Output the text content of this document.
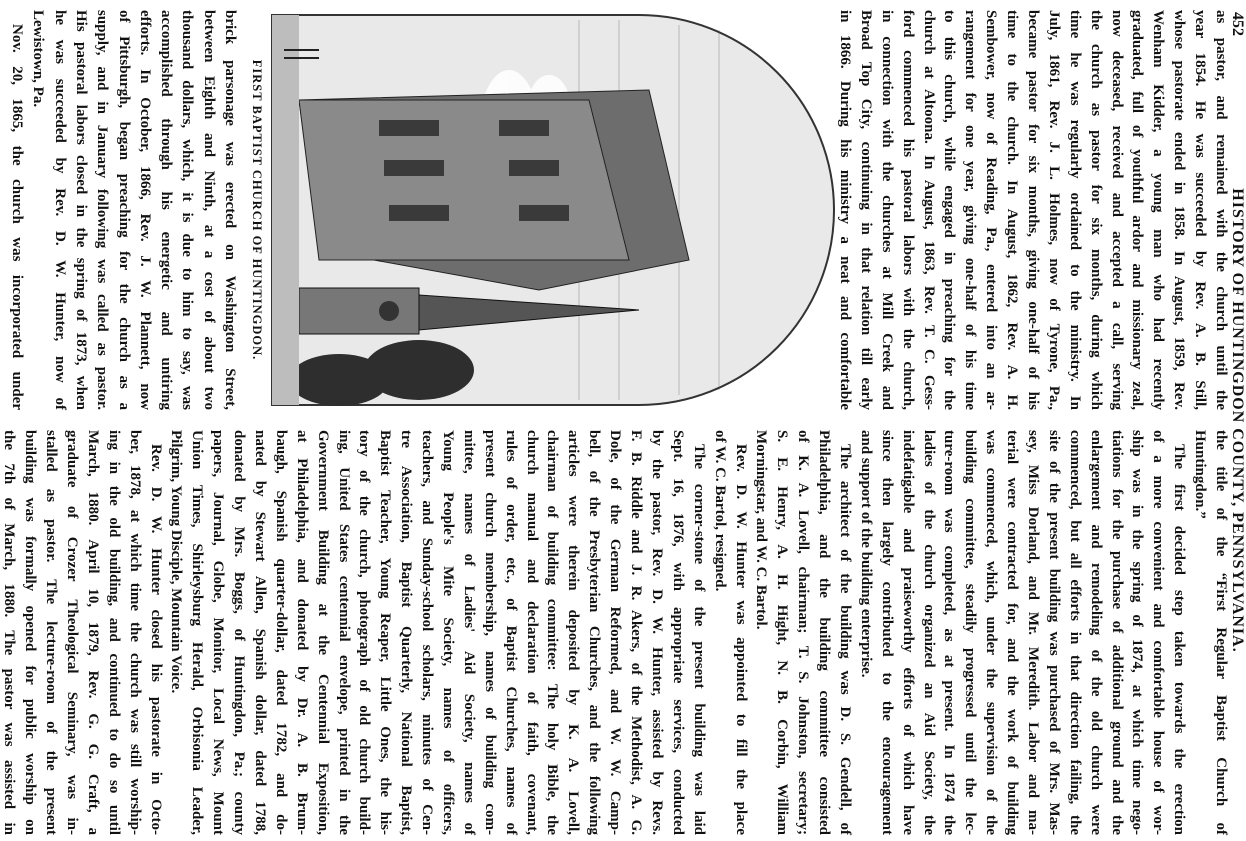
452
HISTORY OF HUNTINGDON COUNTY, PENNSYLVANIA.
as pastor, and remained with the church until the
year 1854. He was succeeded by Rev. A. B. Still,
whose pastorate ended in 1858. In August, 1859, Rev.
Wenham Kidder, a young man who had recently
graduated, full of youthful ardor and missionary zeal,
now deceased, received and accepted a call, serving
the church as pastor for six months, during which
time he was regularly ordained to the ministry. In
July, 1861, Rev. J. L. Holmes, now of Tyrone, Pa.,
became pastor for six months, giving one-half of his
time to the church. In August, 1862, Rev. A. H.
Sembower, now of Reading, Pa., entered into an ar-
rangement for one year, giving one-half of his time
to this church, while engaged in preaching for the
church at Altoona. In August, 1863, Rev. T. C. Gess-
ford commenced his pastoral labors with the church,
in connection with the churches at Mill Creek and
Broad Top City, continuing in that relation till early
in 1866. During his ministry a neat and comfortable
FIRST BAPTIST CHURCH OF HUNTINGDON.
brick parsonage was erected on Washington Street,
between Eighth and Ninth, at a cost of about two
thousand dollars, which, it is due to him to say, was
accomplished through his energetic and untiring
efforts. In October, 1866, Rev. J. W. Plannett, now
of Pittsburgh, began preaching for the church as a
supply, and in January following was called as pastor.
His pastoral labors closed in the spring of 1873, when
he was succeeded by Rev. D. W. Hunter, now of
Lewistown, Pa.
Nov. 20, 1865, the church was incorporated under
the title of the “First Regular Baptist Church of
Huntingdon.”
The first decided step taken towards the erection
of a more convenient and comfortable house of wor-
ship was in the spring of 1874, at which time nego-
tiations for the purchase of additional ground and the
enlargement and remodeling of the old church were
commenced, but all efforts in that direction failing, the
site of the present building was purchased of Mrs. Mas-
sey, Miss Dorland, and Mr. Meredith. Labor and ma-
terial were contracted for, and the work of building
was commenced, which, under the supervision of the
building committee, steadily progressed until the lec-
ture-room was completed, as at present. In 1874 the
ladies of the church organized an Aid Society, the
indefatigable and praiseworthy efforts of which have
since then largely contributed to the encouragement
and support of the building enterprise.
The architect of the building was D. S. Gendell, of
Philadelphia, and the building committee consisted
of K. A. Lovell, chairman; T. S. Johnston, secretary;
S. E. Henry, A. H. Hight, N. B. Corbin, William
Morningstar, and W. C. Bartol.
Rev. D. W. Hunter was appointed to fill the place
of W. C. Bartol, resigned.
The corner-stone of the present building was laid
Sept. 16, 1876, with appropriate services, conducted
by the pastor, Rev. D. W. Hunter, assisted by Revs.
F. B. Riddle and J. R. Akers, of the Methodist, A. G.
Dole, of the German Reformed, and W. W. Camp-
bell, of the Presbyterian Churches, and the following
articles were therein deposited by K. A. Lovell,
chairman of building committee: The holy Bible, the
church manual and declaration of faith, covenant,
rules of order, etc., of Baptist Churches, names of
present church membership, names of building com-
mittee, names of Ladies' Aid Society, names of
Young People's Mite Society, names of officers,
teachers, and Sunday-school scholars, minutes of Cen-
tre Association, Baptist Quarterly, National Baptist,
Baptist Teacher, Young Reaper, Little Ones, the his-
tory of the church, photograph of old church build-
ing, United States centennial envelope, printed in the
Government Building at the Centennial Exposition,
at Philadelphia, and donated by Dr. A. B. Brum-
baugh, Spanish quarter-dollar, dated 1782, and do-
nated by Stewart Allen, Spanish dollar, dated 1788,
donated by Mrs. Boggs, of Huntingdon, Pa.; county
papers, Journal, Globe, Monitor, Local News, Mount
Union Times, Shirleysburg Herald, Orbisonia Leader,
Pilgrim, Young Disciple, Mountain Voice.
Rev. D. W. Hunter closed his pastorate in Octo-
ber, 1878, at which time the church was still worship-
ing in the old building, and continued to do so until
March, 1880. April 10, 1879, Rev. G. G. Craft, a
graduate of Crozer Theological Seminary, was in-
stalled as pastor. The lecture-room of the present
building was formally opened for public worship on
the 7th of March, 1880. The pastor was assisted in
